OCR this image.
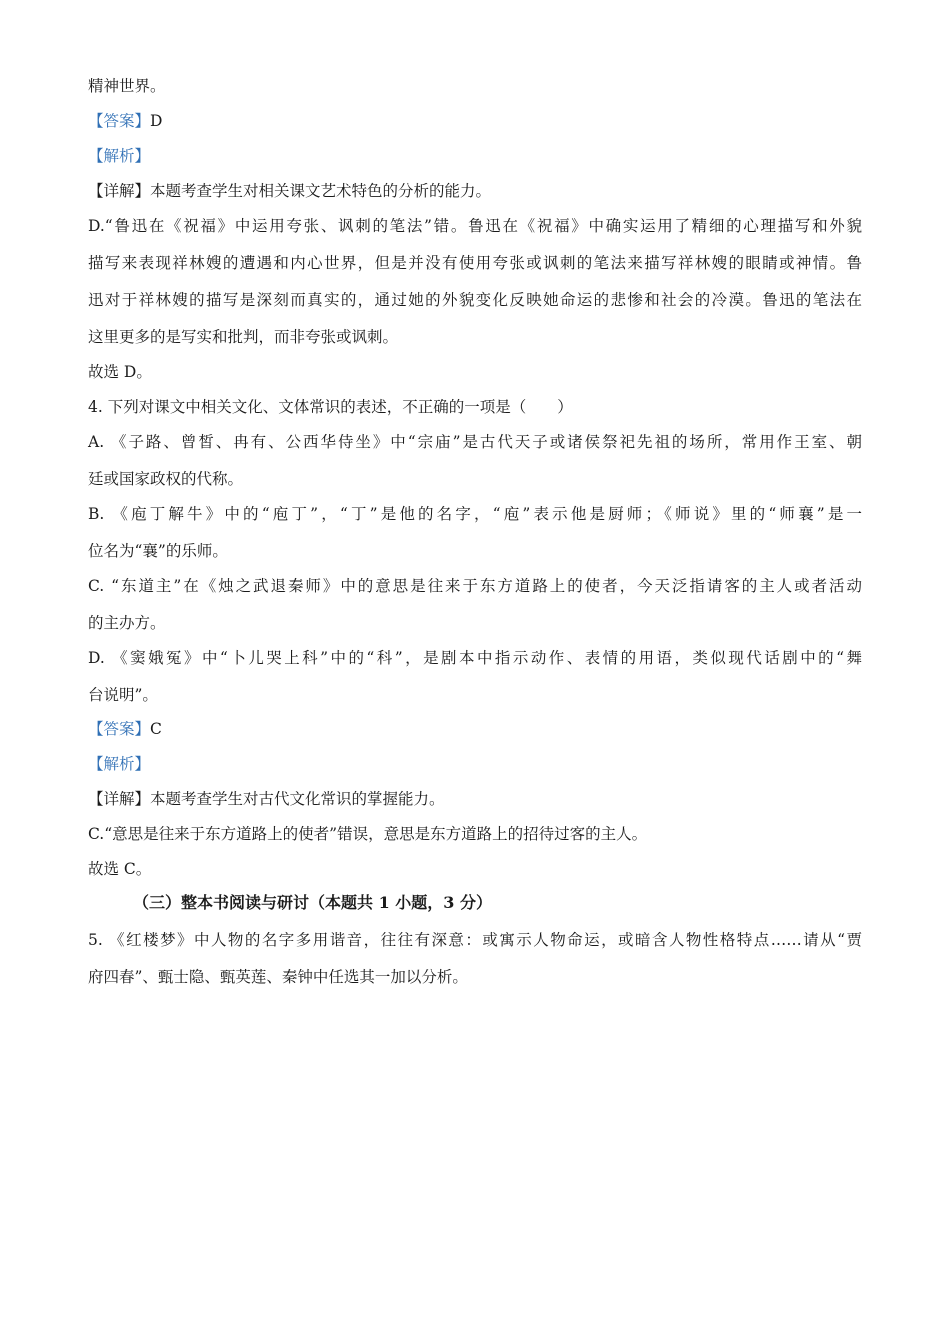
精神世界。
【答案】D
【解析】
【详解】本题考查学生对相关课文艺术特色的分析的能力。
D.“鲁迅在《祝福》中运用夸张、讽刺的笔法”错。鲁迅在《祝福》中确实运用了精细的心理描写和外貌
描写来表现祥林嫂的遭遇和内心世界，但是并没有使用夸张或讽刺的笔法来描写祥林嫂的眼睛或神情。鲁
迅对于祥林嫂的描写是深刻而真实的，通过她的外貌变化反映她命运的悲惨和社会的冷漠。鲁迅的笔法在
这里更多的是写实和批判，而非夸张或讽刺。
故选 D。
4. 下列对课文中相关文化、文体常识的表述，不正确的一项是（　　）
A. 《子路、曾皙、冉有、公西华侍坐》中“宗庙”是古代天子或诸侯祭祀先祖的场所，常用作王室、朝
廷或国家政权的代称。
B. 《庖丁解牛》中的“庖丁”，“丁”是他的名字，“庖”表示他是厨师；《师说》里的“师襄”是一
位名为“襄”的乐师。
C. “东道主”在《烛之武退秦师》中的意思是往来于东方道路上的使者，今天泛指请客的主人或者活动
的主办方。
D. 《窦娥冤》中“卜儿哭上科”中的“科”，是剧本中指示动作、表情的用语，类似现代话剧中的“舞
台说明”。
【答案】C
【解析】
【详解】本题考查学生对古代文化常识的掌握能力。
C.“意思是往来于东方道路上的使者”错误，意思是东方道路上的招待过客的主人。
故选 C。
（三）整本书阅读与研讨（本题共 1 小题，3 分）
5. 《红楼梦》中人物的名字多用谐音，往往有深意：或寓示人物命运，或暗含人物性格特点……请从“贾
府四春”、甄士隐、甄英莲、秦钟中任选其一加以分析。
